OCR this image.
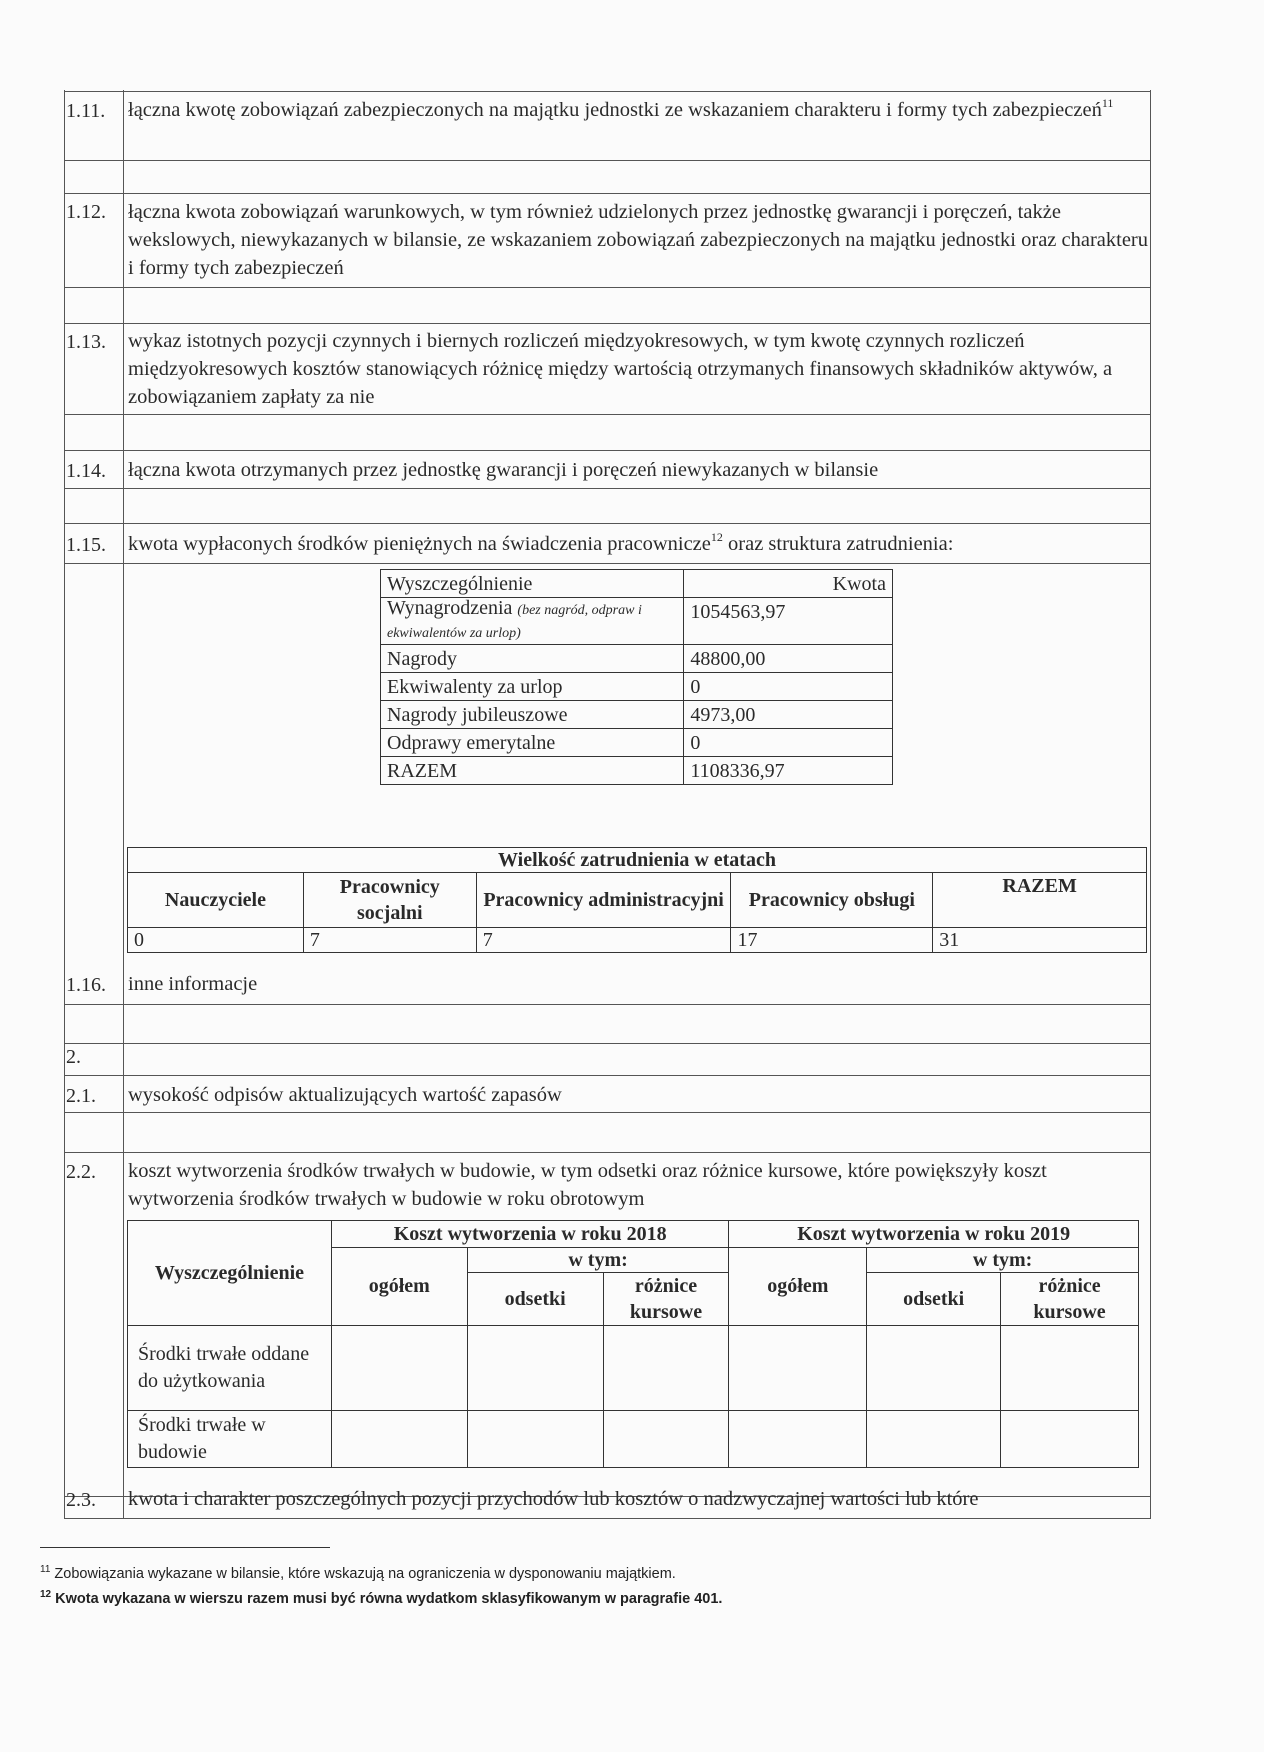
1.11. łączna kwotę zobowiązań zabezpieczonych na majątku jednostki ze wskazaniem charakteru i formy tych zabezpieczeń$^{11}$
1.12. łączna kwota zobowiązań warunkowych, w tym również udzielonych przez jednostkę gwarancji i poręczeń, także wekslowych, niewykazanych w bilansie, ze wskazaniem zobowiązań zabezpieczonych na majątku jednostki oraz charakteru i formy tych zabezpieczeń
1.13. wykaz istotnych pozycji czynnych i biernych rozliczeń międzyokresowych, w tym kwotę czynnych rozliczeń międzyokresowych kosztów stanowiących różnicę między wartością otrzymanych finansowych składników aktywów, a zobowiązaniem zapłaty za nie
1.14. łączna kwota otrzymanych przez jednostkę gwarancji i poręczeń niewykazanych w bilansie
1.15. kwota wypłaconych środków pieniężnych na świadczenia pracownicze$^{12}$ oraz struktura zatrudnienia:
Wyszczególnienie	Kwota
Wynagrodzenia (bez nagród, odpraw i ekwiwalentów za urlop)	1054563,97
Nagrody	48800,00
Ekwiwalenty za urlop	0
Nagrody jubileuszowe	4973,00
Odprawy emerytalne	0
RAZEM	1108336,97
Wielkość zatrudnienia w etatach				
Nauczyciele	Pracownicy socjalni	Pracownicy administracyjni	Pracownicy obsługi	RAZEM
0	7	7	17	31
1.16. inne informacje
2.
2.1. wysokość odpisów aktualizujących wartość zapasów
2.2. koszt wytworzenia środków trwałych w budowie, w tym odsetki oraz różnice kursowe, które powiększyły koszt wytworzenia środków trwałych w budowie w roku obrotowym
Wyszczególnienie	Koszt wytworzenia w roku 2018			Koszt wytworzenia w roku 2019		
	ogółem	w tym:		ogółem	w tym:	
		odsetki	różnice kursowe		odsetki	różnice kursowe
Środki trwałe oddane do użytkowania						
Środki trwałe w budowie						
2.3. kwota i charakter poszczególnych pozycji przychodów lub kosztów o nadzwyczajnej wartości lub które
$^{11}$ Zobowiązania wykazane w bilansie, które wskazują na ograniczenia w dysponowaniu majątkiem.
$^{12}$ Kwota wykazana w wierszu razem musi być równa wydatkom sklasyfikowanym w paragrafie 401.
